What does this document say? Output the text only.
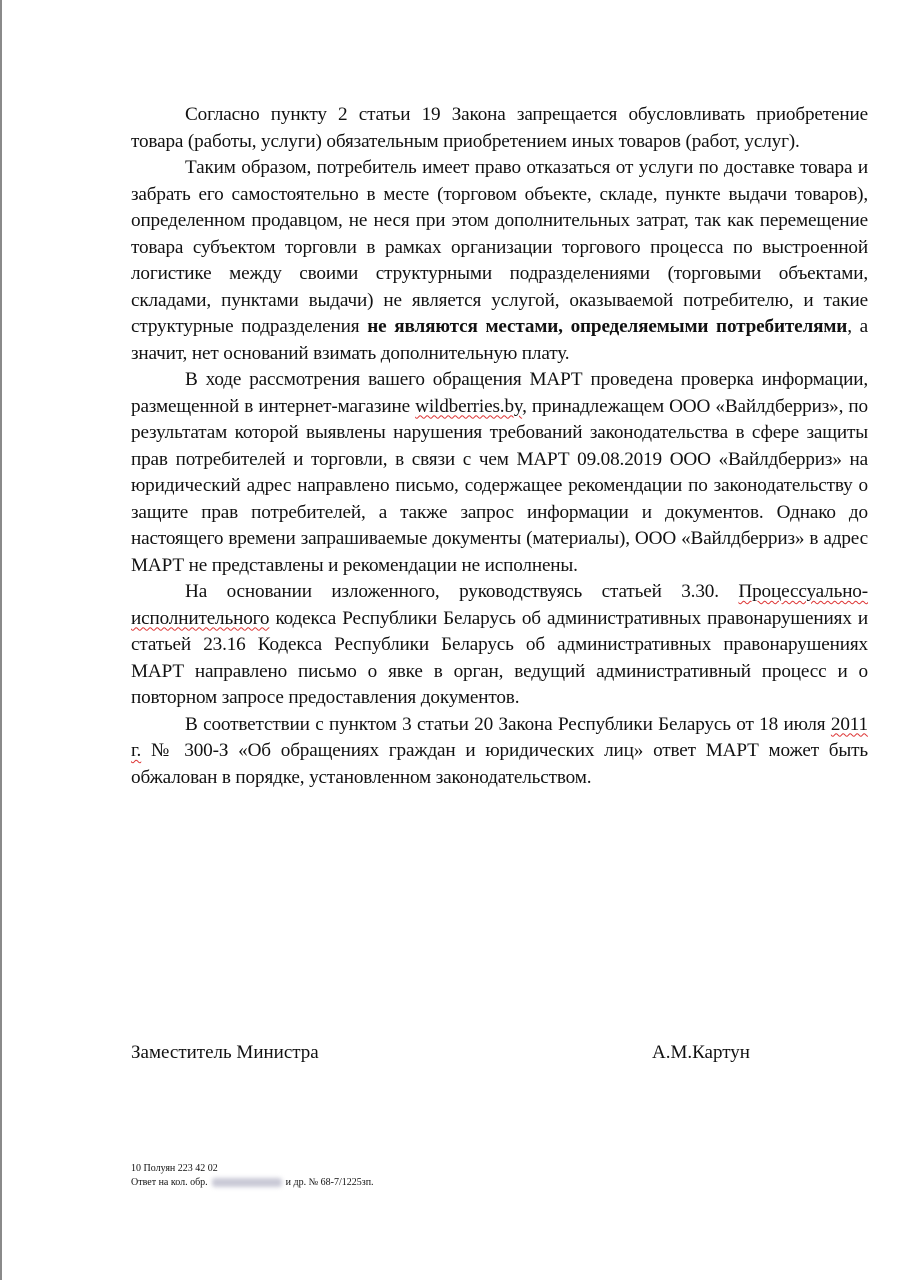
Согласно пункту 2 статьи 19 Закона запрещается обусловливать приобретение товара (работы, услуги) обязательным приобретением иных товаров (работ, услуг).

Таким образом, потребитель имеет право отказаться от услуги по доставке товара и забрать его самостоятельно в месте (торговом объекте, складе, пункте выдачи товаров), определенном продавцом, не неся при этом дополнительных затрат, так как перемещение товара субъектом торговли в рамках организации торгового процесса по выстроенной логистике между своими структурными подразделениями (торговыми объектами, складами, пунктами выдачи) не является услугой, оказываемой потребителю, и такие структурные подразделения не являются местами, определяемыми потребителями, а значит, нет оснований взимать дополнительную плату.

В ходе рассмотрения вашего обращения МАРТ проведена проверка информации, размещенной в интернет-магазине wildberries.by, принадлежащем ООО «Вайлдберриз», по результатам которой выявлены нарушения требований законодательства в сфере защиты прав потребителей и торговли, в связи с чем МАРТ 09.08.2019 ООО «Вайлдберриз» на юридический адрес направлено письмо, содержащее рекомендации по законодательству о защите прав потребителей, а также запрос информации и документов. Однако до настоящего времени запрашиваемые документы (материалы), ООО «Вайлдберриз» в адрес МАРТ не представлены и рекомендации не исполнены.

На основании изложенного, руководствуясь статьей 3.30. Процессуально-исполнительного кодекса Республики Беларусь об административных правонарушениях и статьей 23.16 Кодекса Республики Беларусь об административных правонарушениях МАРТ направлено письмо о явке в орган, ведущий административный процесс и о повторном запросе предоставления документов.

В соответствии с пунктом 3 статьи 20 Закона Республики Беларусь от 18 июля 2011 г. № 300-З «Об обращениях граждан и юридических лиц» ответ МАРТ может быть обжалован в порядке, установленном законодательством.

Заместитель Министра	А.М.Картун
10 Полуян 223 42 02
Ответ на кол. обр.	и др. № 68-7/1225зп.
